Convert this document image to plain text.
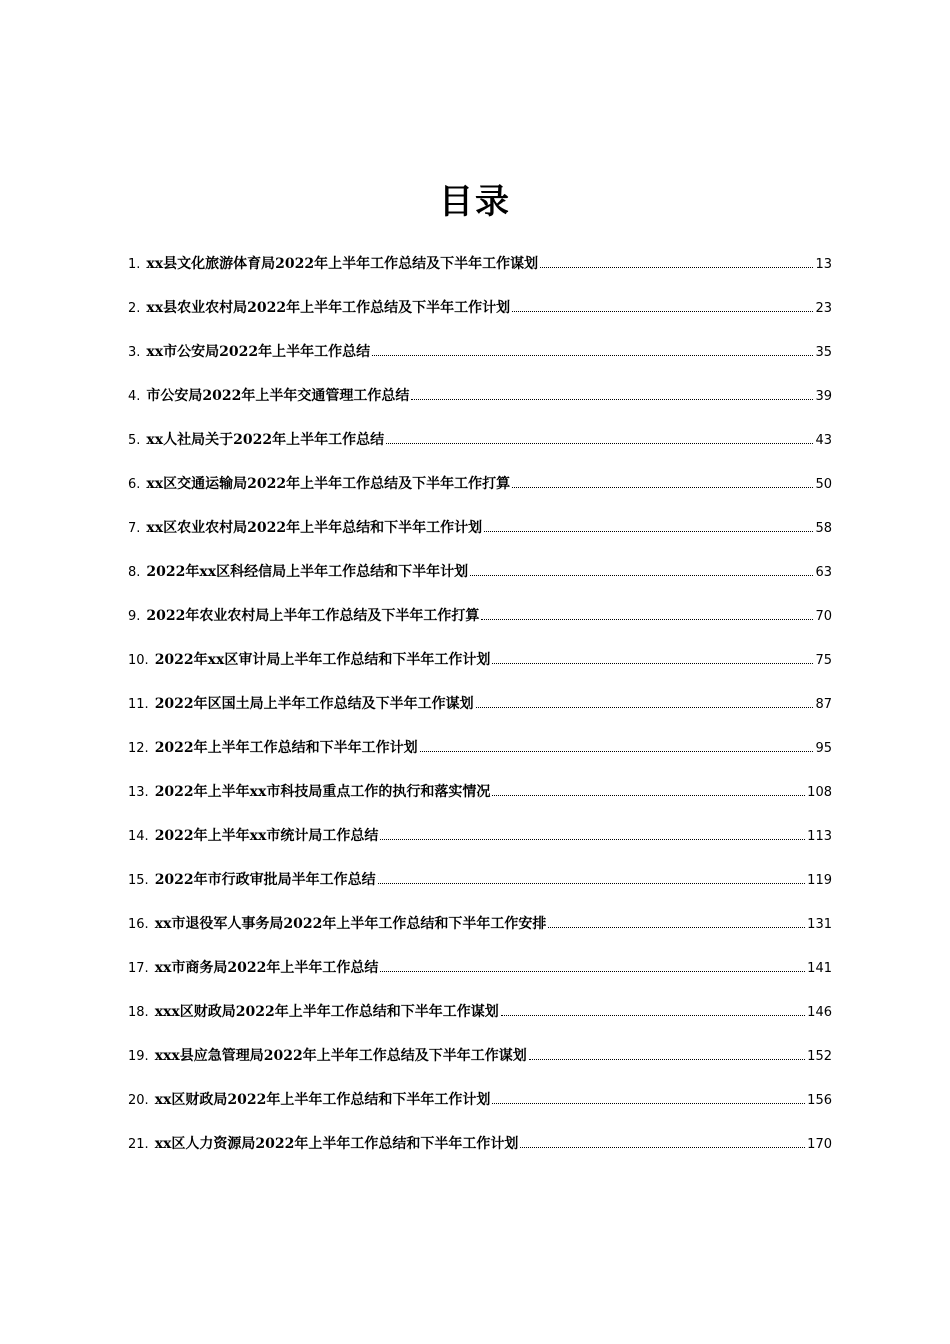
目录
1 . xx县文化旅游体育局2022年上半年工作总结及下半年工作谋划	13
2 . xx县农业农村局2022年上半年工作总结及下半年工作计划	23
3 . xx市公安局2022年上半年工作总结	35
4 . 市公安局2022年上半年交通管理工作总结	39
5 . xx人社局关于2022年上半年工作总结	43
6 . xx区交通运输局2022年上半年工作总结及下半年工作打算	50
7 . xx区农业农村局2022年上半年总结和下半年工作计划	58
8 . 2022年xx区科经信局上半年工作总结和下半年计划	63
9 . 2022年农业农村局上半年工作总结及下半年工作打算	70
10 . 2022年xx区审计局上半年工作总结和下半年工作计划	75
11 . 2022年区国土局上半年工作总结及下半年工作谋划	87
12 . 2022年上半年工作总结和下半年工作计划	95
13 . 2022年上半年xx市科技局重点工作的执行和落实情况	108
14 . 2022年上半年xx市统计局工作总结	113
15 . 2022年市行政审批局半年工作总结	119
16 . xx市退役军人事务局2022年上半年工作总结和下半年工作安排	131
17 . xx市商务局2022年上半年工作总结	141
18 . xxx区财政局2022年上半年工作总结和下半年工作谋划	146
19 . xxx县应急管理局2022年上半年工作总结及下半年工作谋划	152
20 . xx区财政局2022年上半年工作总结和下半年工作计划	156
21 . xx区人力资源局2022年上半年工作总结和下半年工作计划	170
